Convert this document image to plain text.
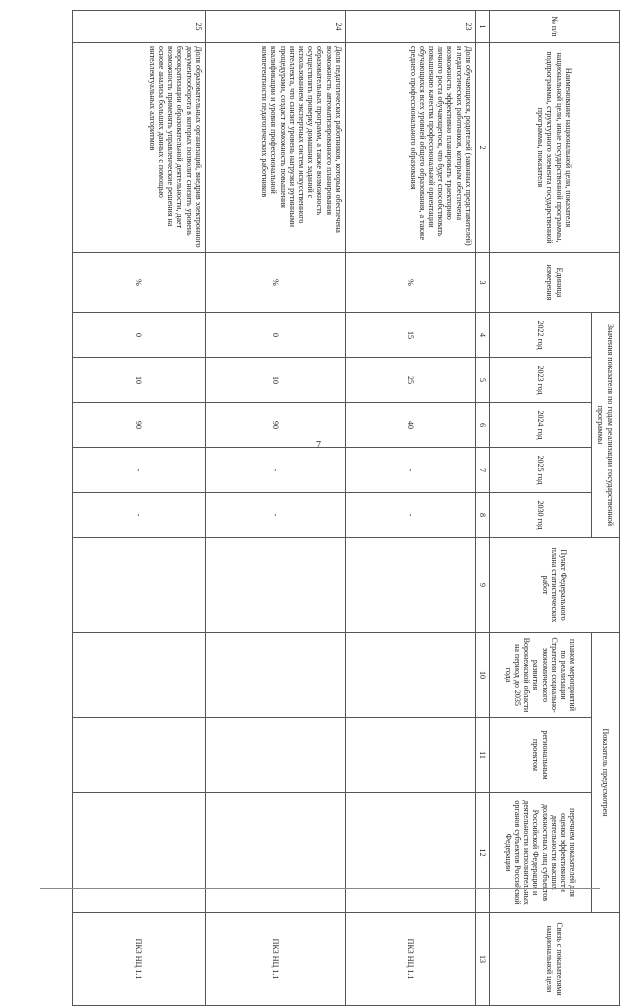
7
№ п/п	Наименование национальной цели, показателя национальной цели, иные государственной программы, подпрограммы, структурного элемента государственной программы, показателя	Единица измерения	Значения показателя по годам реализации государственной программы					Пункт Федерального плана статистических работ	Показатель предусмотрен			Связь с показателями национальной цели
			2022 год	2023 год	2024 год	2025 год	2030 год		планом мероприятий по реализации Стратегии социально-экономического развития Воронежской области на период до 2035 года	региональным проектом	перечнем показателей для оценки эффективности деятельности высших должностных лиц субъектов Российской Федерации и деятельности исполнительных органов субъектов Российской Федерации	
1	2	3	4	5	6	7	8	9	10	11	12	13
23	Доля обучающихся, родителей (законных представителей) и педагогических работников, которым обеспечена возможность эффективно планировать траекторию личного роста обучающегося, что будет способствовать повышению качества профессиональной ориентации обучающихся всех уровней общего образования, а также среднего профессионального образования	%	15	25	40	-	-					ПКЗ НЦ 1.1
24	Доля педагогических работников, которым обеспечена возможность автоматизированного планирования образовательных программ, а также возможность осуществлять проверку домашних заданий с использованием экспертных систем искусственного интеллекта, что снизит уровень нагрузки рутинными процедурами, создаст возможность повышения квалификации и уровня профессиональной компетентности педагогических работников	%	0	10	90	-	-					ПКЗ НЦ 1.1
25	Доля образовательных организаций, внедрив электронного документооборота в которых позволит снизить уровень бюрократизации образовательной деятельности, дает возможность применять управленческие решения на основе анализа больших данных с помощью интеллектуальных алгоритмов	%	0	10	90	-	-					ПКЗ НЦ 1.1
